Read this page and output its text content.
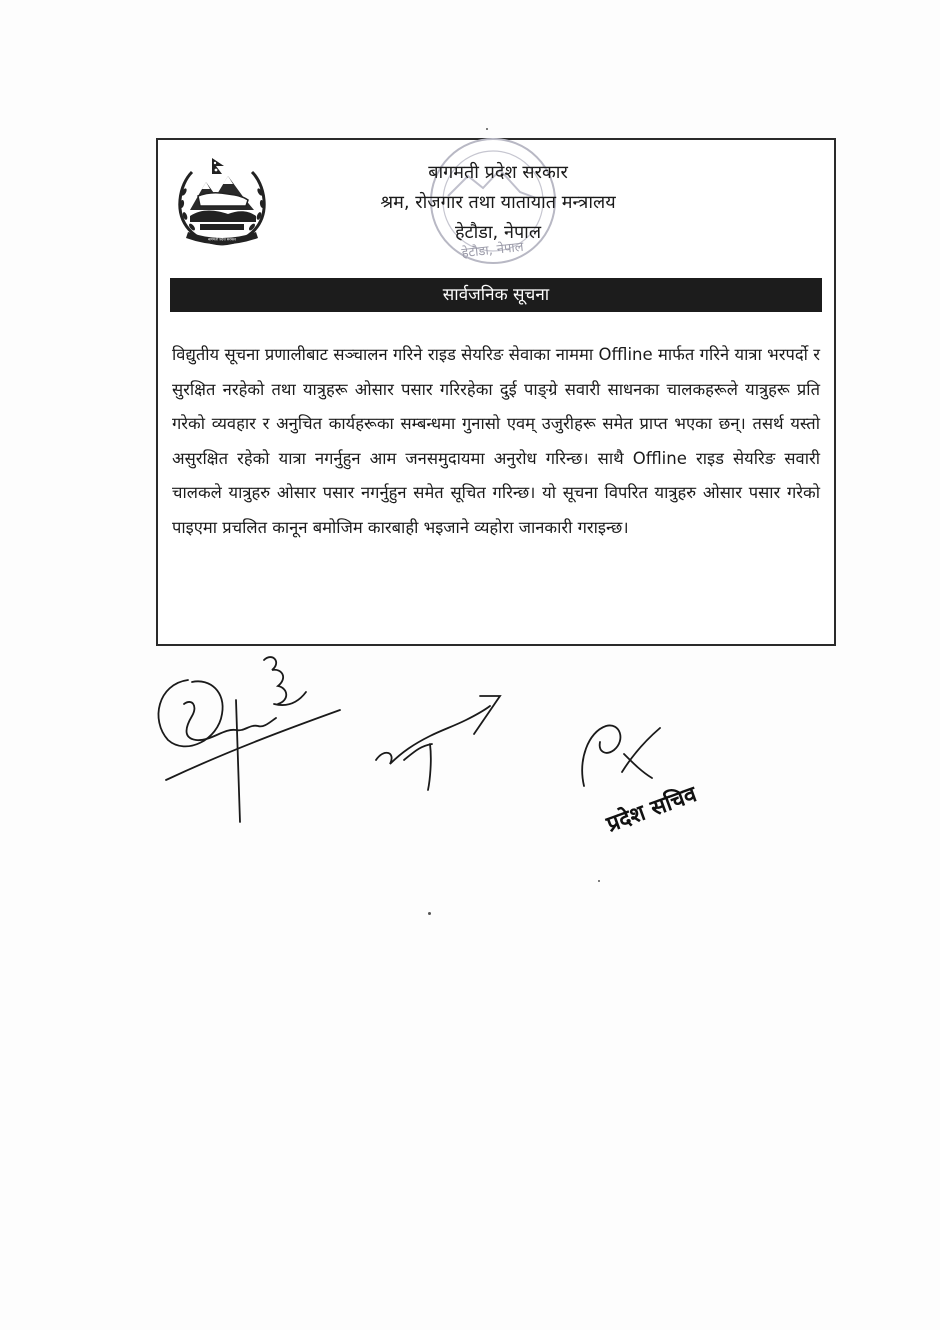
बागमती प्रदेश सरकार
हेटौडा, नेपाल
बागमती प्रदेश सरकार
श्रम, रोजगार तथा यातायात मन्त्रालय
हेटौडा, नेपाल
सार्वजनिक सूचना
विद्युतीय सूचना प्रणालीबाट सञ्चालन गरिने राइड सेयरिङ सेवाका नाममा Offline मार्फत गरिने यात्रा भरपर्दो र सुरक्षित नरहेको तथा यात्रुहरू ओसार पसार गरिरहेका दुई पाङ्ग्रे सवारी साधनका चालकहरूले यात्रुहरू प्रति गरेको व्यवहार र अनुचित कार्यहरूका सम्बन्धमा गुनासो एवम् उजुरीहरू समेत प्राप्त भएका छन्। तसर्थ यस्तो असुरक्षित रहेको यात्रा नगर्नुहुन आम जनसमुदायमा अनुरोध गरिन्छ। साथै Offline राइड सेयरिङ सवारी चालकले यात्रुहरु ओसार पसार नगर्नुहुन समेत सूचित गरिन्छ। यो सूचना विपरित यात्रुहरु ओसार पसार गरेको पाइएमा प्रचलित कानून बमोजिम कारबाही भइजाने व्यहोरा जानकारी गराइन्छ।
प्रदेश सचिव
